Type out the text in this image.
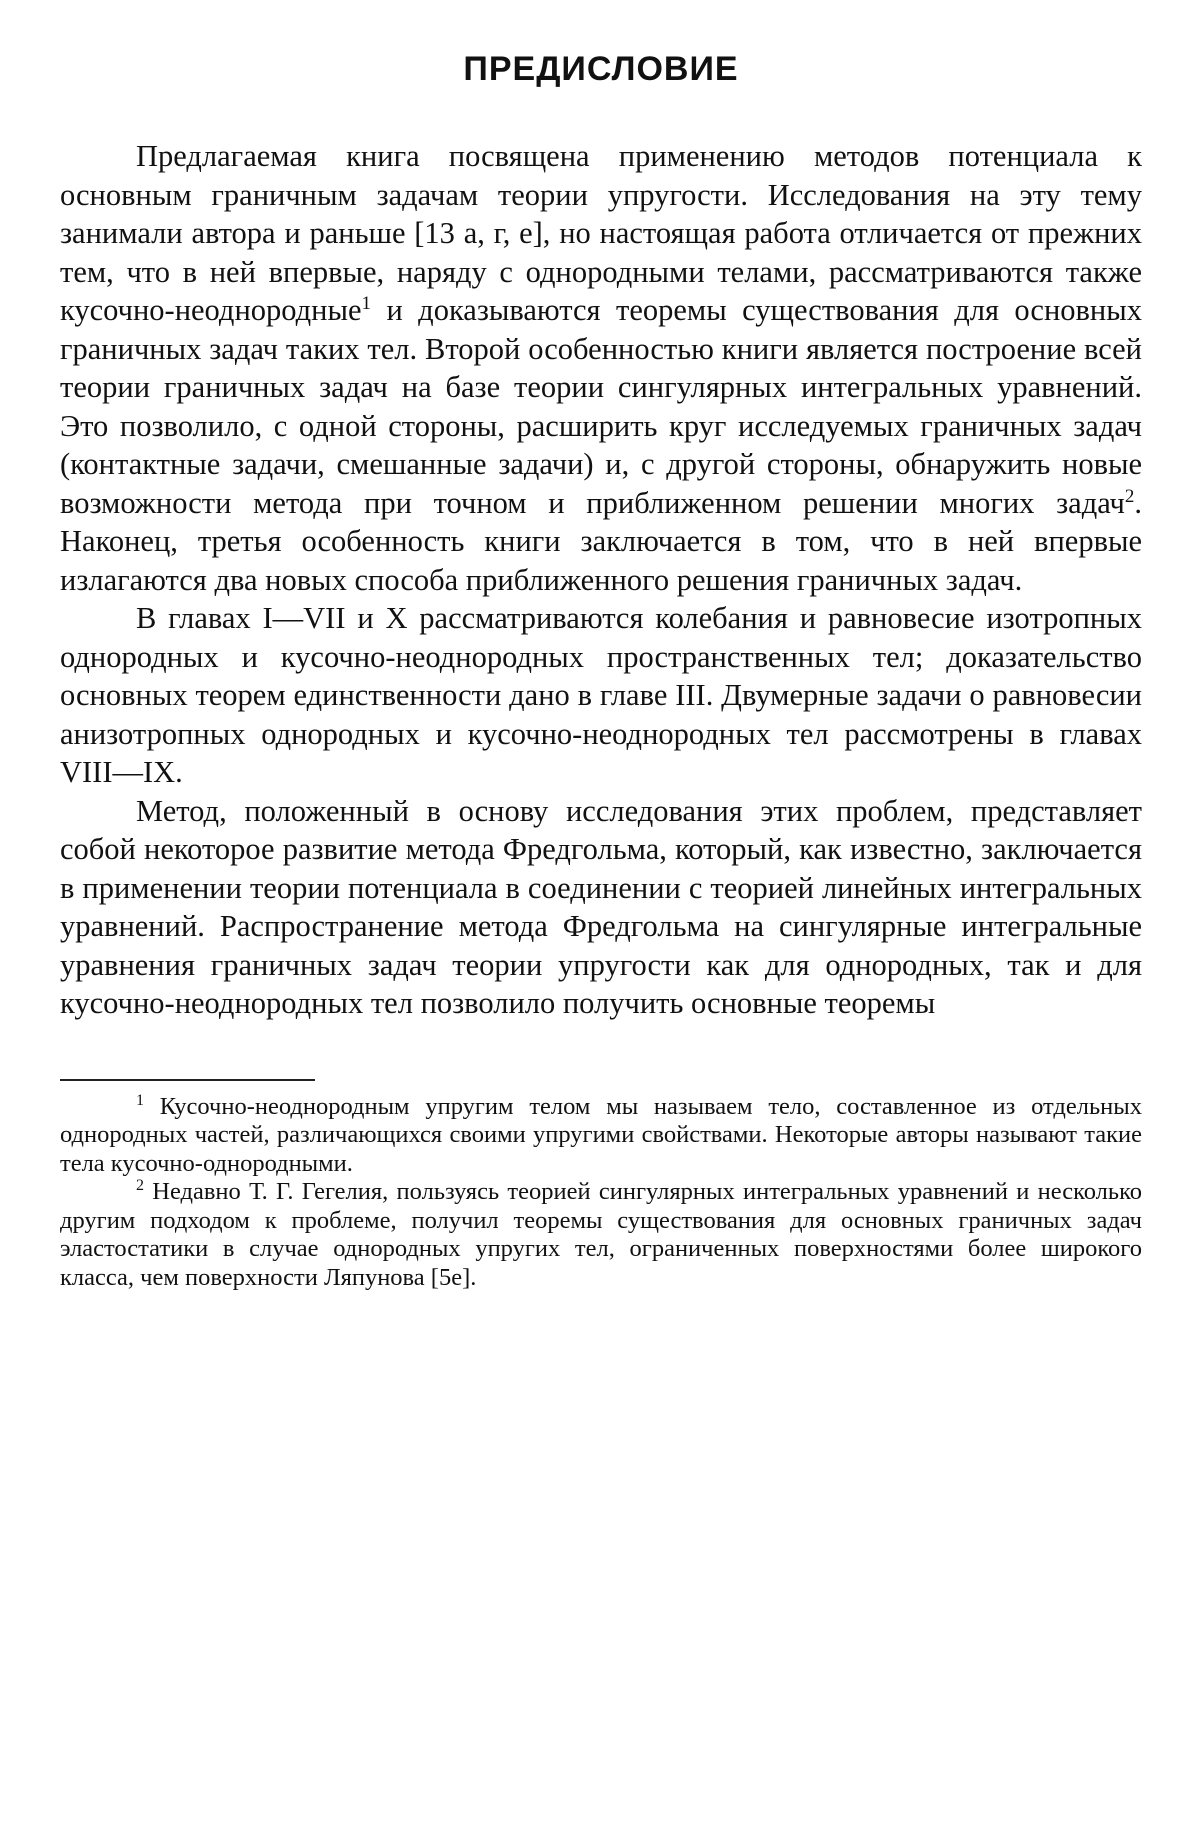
ПРЕДИСЛОВИЕ

Предлагаемая книга посвящена применению методов потенциала к основным граничным задачам теории упругости. Исследования на эту тему занимали автора и раньше [13 а, г, е], но настоящая работа отличается от прежних тем, что в ней впервые, наряду с однородными телами, рассматриваются также кусочно-неоднородные$^1$ и доказываются теоремы существования для основных граничных задач таких тел. Второй особенностью книги является построение всей теории граничных задач на базе теории сингулярных интегральных уравнений. Это позволило, с одной стороны, расширить круг исследуемых граничных задач (контактные задачи, смешанные задачи) и, с другой стороны, обнаружить новые возможности метода при точном и приближенном решении многих задач$^2$. Наконец, третья особенность книги заключается в том, что в ней впервые излагаются два новых способа приближенного решения граничных задач.

В главах I—VII и X рассматриваются колебания и равновесие изотропных однородных и кусочно-неоднородных пространственных тел; доказательство основных теорем единственности дано в главе III. Двумерные задачи о равновесии анизотропных однородных и кусочно-неоднородных тел рассмотрены в главах VIII—IX.

Метод, положенный в основу исследования этих проблем, представляет собой некоторое развитие метода Фредгольма, который, как известно, заключается в применении теории потенциала в соединении с теорией линейных интегральных уравнений. Распространение метода Фредгольма на сингулярные интегральные уравнения граничных задач теории упругости как для однородных, так и для кусочно-неоднородных тел позволило получить основные теоремы

$^1$ Кусочно-неоднородным упругим телом мы называем тело, составленное из отдельных однородных частей, различающихся своими упругими свойствами. Некоторые авторы называют такие тела кусочно-однородными.

$^2$ Недавно Т. Г. Гегелия, пользуясь теорией сингулярных интегральных уравнений и несколько другим подходом к проблеме, получил теоремы существования для основных граничных задач эластостатики в случае однородных упругих тел, ограниченных поверхностями более широкого класса, чем поверхности Ляпунова [5е].
